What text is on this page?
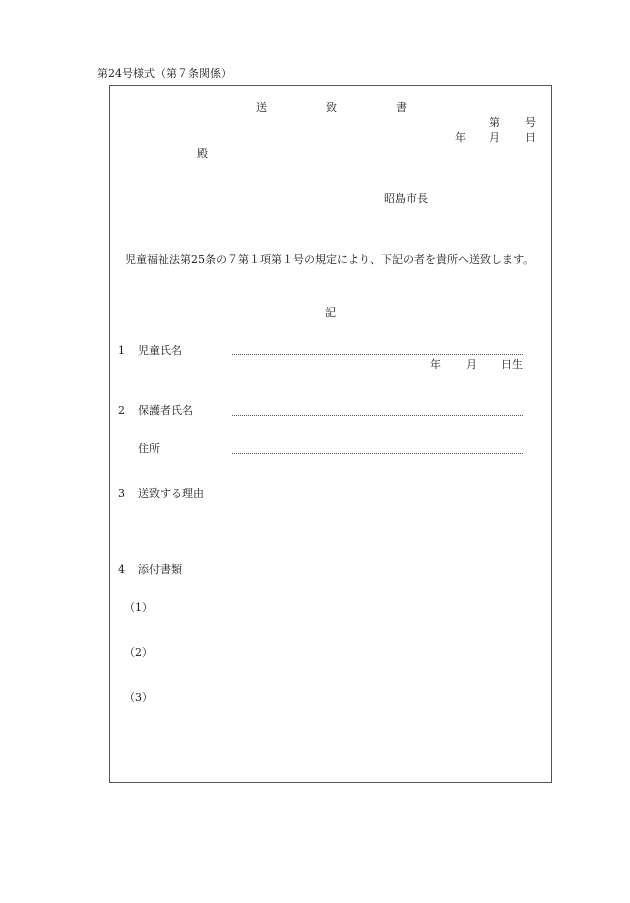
第24号様式（第７条関係）
送	致	書
第 号
年 月 日
殿
昭島市長
児童福祉法第25条の７第１項第１号の規定により、下記の者を貴所へ送致します。
記
1 児童氏名
年 月 日生
2 保護者氏名
住所
3 送致する理由
4 添付書類
（1）
（2）
（3）
